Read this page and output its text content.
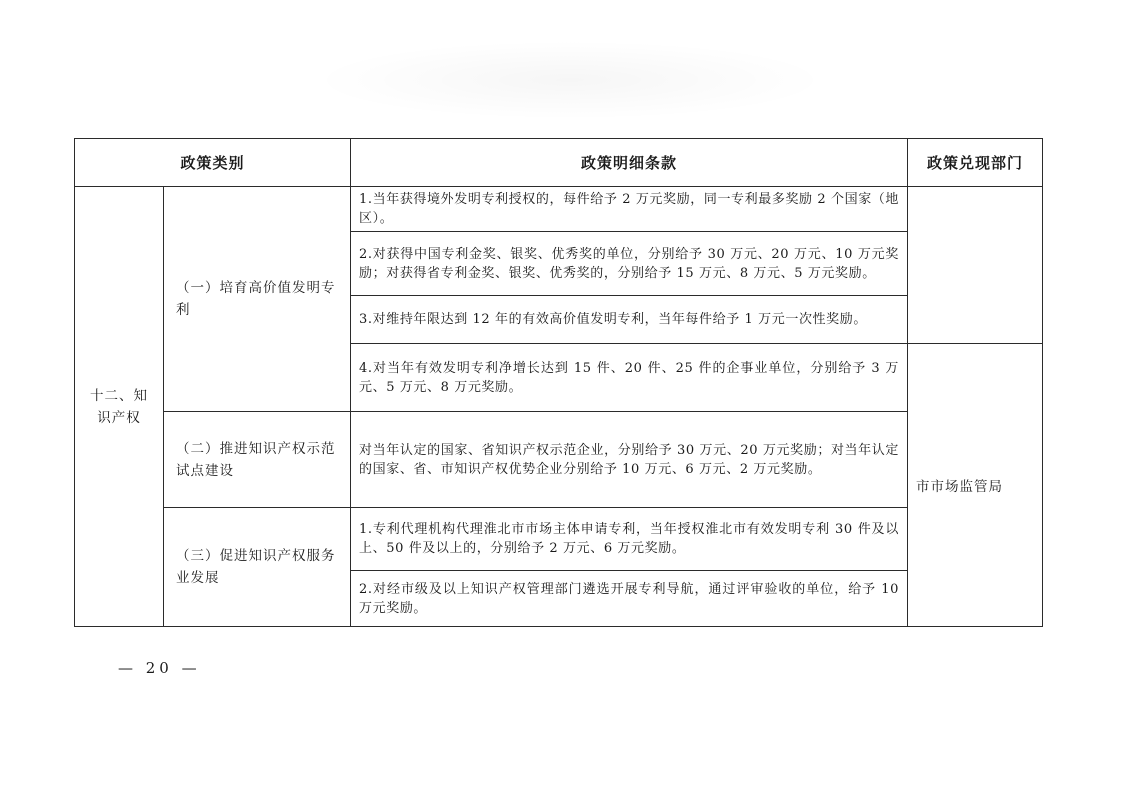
政策类别		政策明细条款	政策兑现部门
十二、知识产权	（一）培育高价值发明专利	1.当年获得境外发明专利授权的，每件给予 2 万元奖励，同一专利最多奖励 2 个国家（地区）。	
		2.对获得中国专利金奖、银奖、优秀奖的单位，分别给予 30 万元、20 万元、10 万元奖励；对获得省专利金奖、银奖、优秀奖的，分别给予 15 万元、8 万元、5 万元奖励。	
		3.对维持年限达到 12 年的有效高价值发明专利，当年每件给予 1 万元一次性奖励。	
		4.对当年有效发明专利净增长达到 15 件、20 件、25 件的企事业单位，分别给予 3 万元、5 万元、8 万元奖励。	市市场监管局
	（二）推进知识产权示范试点建设	对当年认定的国家、省知识产权示范企业，分别给予 30 万元、20 万元奖励；对当年认定的国家、省、市知识产权优势企业分别给予 10 万元、6 万元、2 万元奖励。	
	（三）促进知识产权服务业发展	1.专利代理机构代理淮北市市场主体申请专利，当年授权淮北市有效发明专利 30 件及以上、50 件及以上的，分别给予 2 万元、6 万元奖励。	
		2.对经市级及以上知识产权管理部门遴选开展专利导航，通过评审验收的单位，给予 10 万元奖励。	
— 20 —
